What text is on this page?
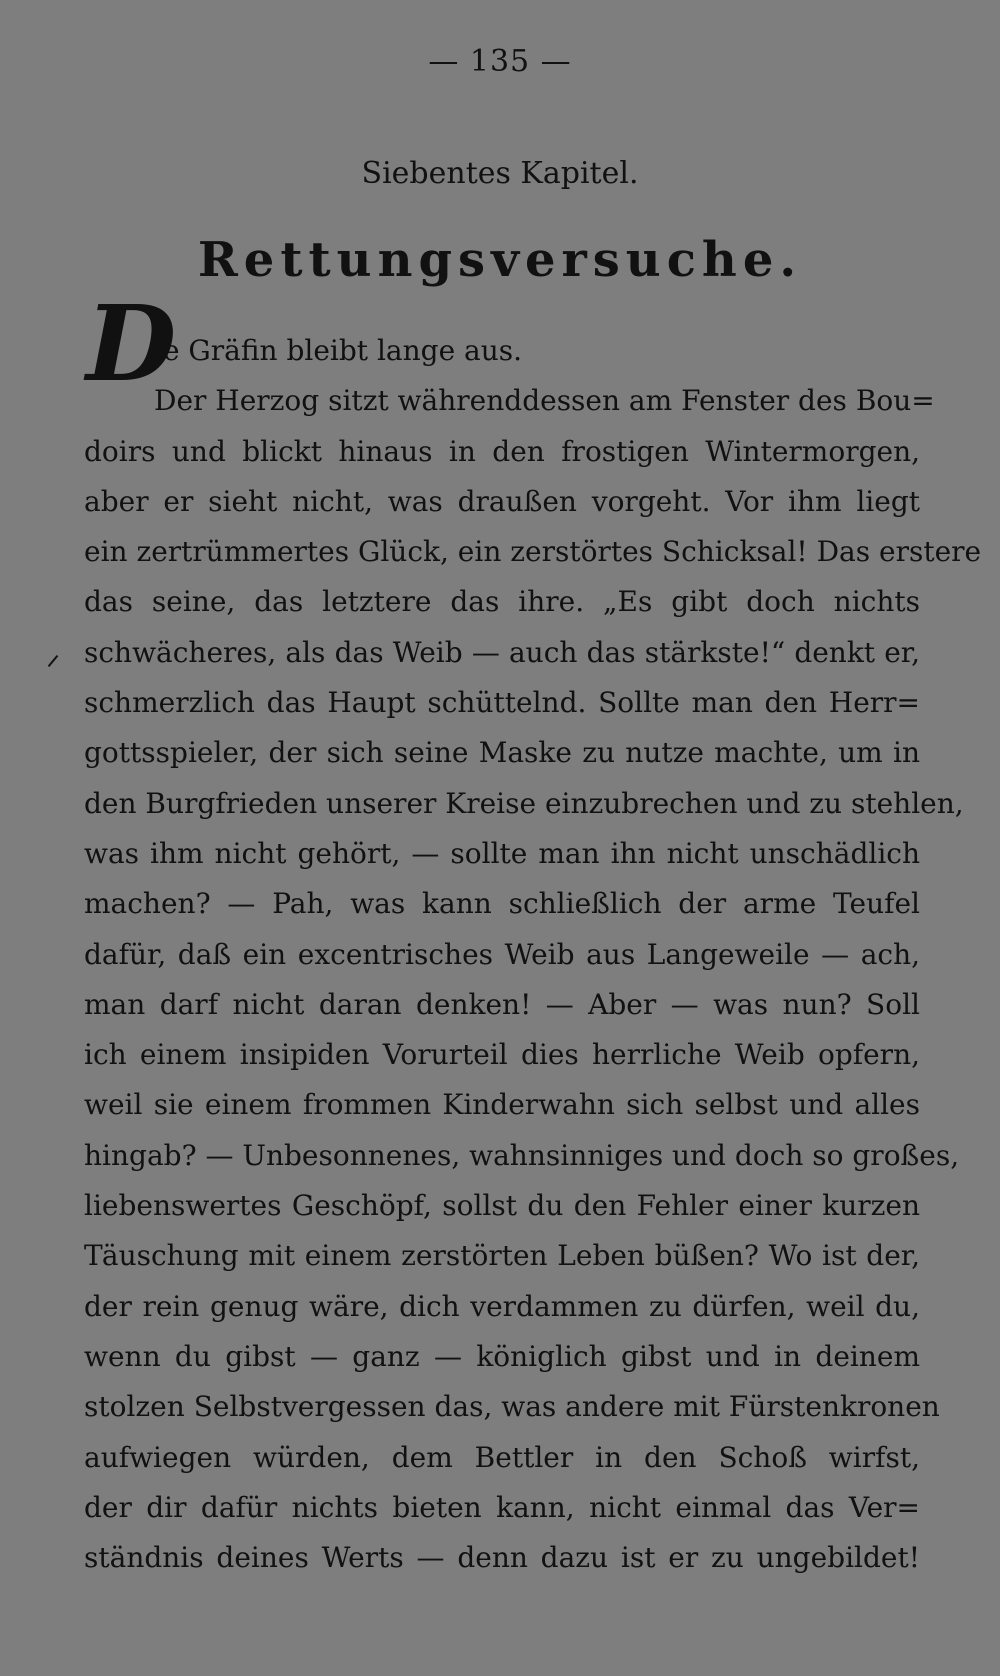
— 135 —
Siebentes Kapitel.
Rettungsversuche.
D
ie Gräfin bleibt lange aus.
Der Herzog sitzt währenddessen am Fenster des Bou=
doirs und blickt hinaus in den frostigen Wintermorgen,
aber er sieht nicht, was draußen vorgeht. Vor ihm liegt
ein zertrümmertes Glück, ein zerstörtes Schicksal! Das erstere
das seine, das letztere das ihre. „Es gibt doch nichts
schwächeres, als das Weib — auch das stärkste!“ denkt er,
schmerzlich das Haupt schüttelnd. Sollte man den Herr=
gottsspieler, der sich seine Maske zu nutze machte, um in
den Burgfrieden unserer Kreise einzubrechen und zu stehlen,
was ihm nicht gehört, — sollte man ihn nicht unschädlich
machen? — Pah, was kann schließlich der arme Teufel
dafür, daß ein excentrisches Weib aus Langeweile — ach,
man darf nicht daran denken! — Aber — was nun? Soll
ich einem insipiden Vorurteil dies herrliche Weib opfern,
weil sie einem frommen Kinderwahn sich selbst und alles
hingab? — Unbesonnenes, wahnsinniges und doch so großes,
liebenswertes Geschöpf, sollst du den Fehler einer kurzen
Täuschung mit einem zerstörten Leben büßen? Wo ist der,
der rein genug wäre, dich verdammen zu dürfen, weil du,
wenn du gibst — ganz — königlich gibst und in deinem
stolzen Selbstvergessen das, was andere mit Fürstenkronen
aufwiegen würden, dem Bettler in den Schoß wirfst,
der dir dafür nichts bieten kann, nicht einmal das Ver=
ständnis deines Werts — denn dazu ist er zu ungebildet!
